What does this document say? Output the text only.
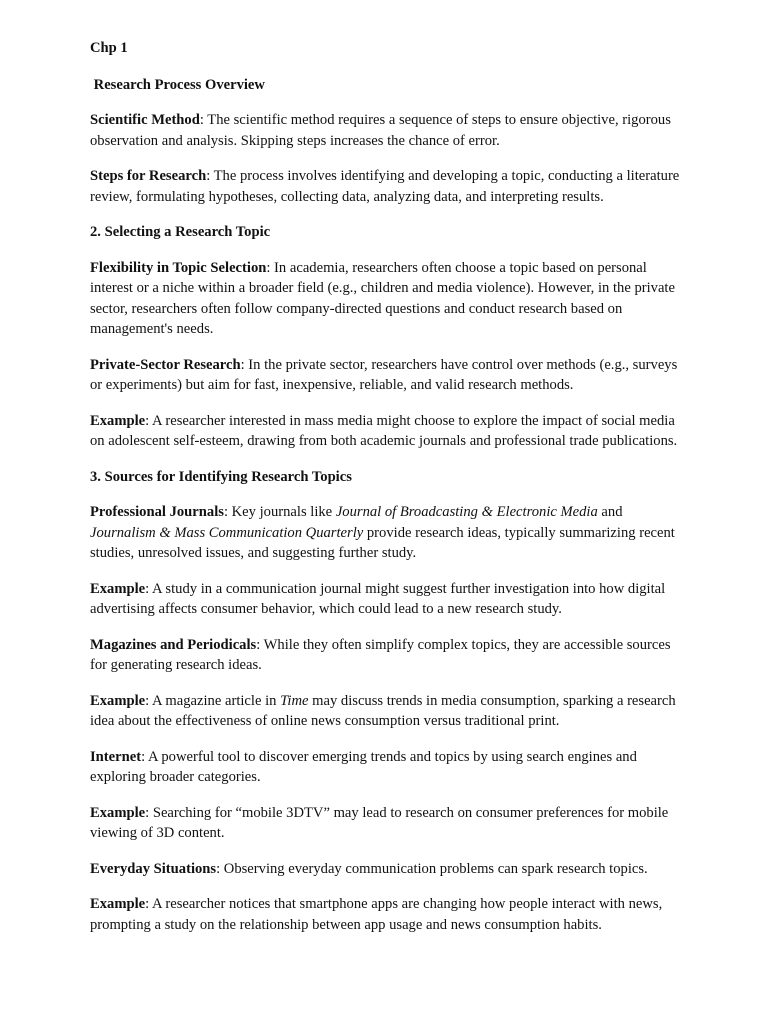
Chp 1
Research Process Overview

Scientific Method: The scientific method requires a sequence of steps to ensure objective, rigorous observation and analysis. Skipping steps increases the chance of error.

Steps for Research: The process involves identifying and developing a topic, conducting a literature review, formulating hypotheses, collecting data, analyzing data, and interpreting results.

2. Selecting a Research Topic

Flexibility in Topic Selection: In academia, researchers often choose a topic based on personal interest or a niche within a broader field (e.g., children and media violence). However, in the private sector, researchers often follow company-directed questions and conduct research based on management's needs.

Private-Sector Research: In the private sector, researchers have control over methods (e.g., surveys or experiments) but aim for fast, inexpensive, reliable, and valid research methods.

Example: A researcher interested in mass media might choose to explore the impact of social media on adolescent self-esteem, drawing from both academic journals and professional trade publications.

3. Sources for Identifying Research Topics

Professional Journals: Key journals like Journal of Broadcasting & Electronic Media and Journalism & Mass Communication Quarterly provide research ideas, typically summarizing recent studies, unresolved issues, and suggesting further study.

Example: A study in a communication journal might suggest further investigation into how digital advertising affects consumer behavior, which could lead to a new research study.

Magazines and Periodicals: While they often simplify complex topics, they are accessible sources for generating research ideas.

Example: A magazine article in Time may discuss trends in media consumption, sparking a research idea about the effectiveness of online news consumption versus traditional print.

Internet: A powerful tool to discover emerging trends and topics by using search engines and exploring broader categories.

Example: Searching for “mobile 3DTV” may lead to research on consumer preferences for mobile viewing of 3D content.

Everyday Situations: Observing everyday communication problems can spark research topics.

Example: A researcher notices that smartphone apps are changing how people interact with news, prompting a study on the relationship between app usage and news consumption habits.
